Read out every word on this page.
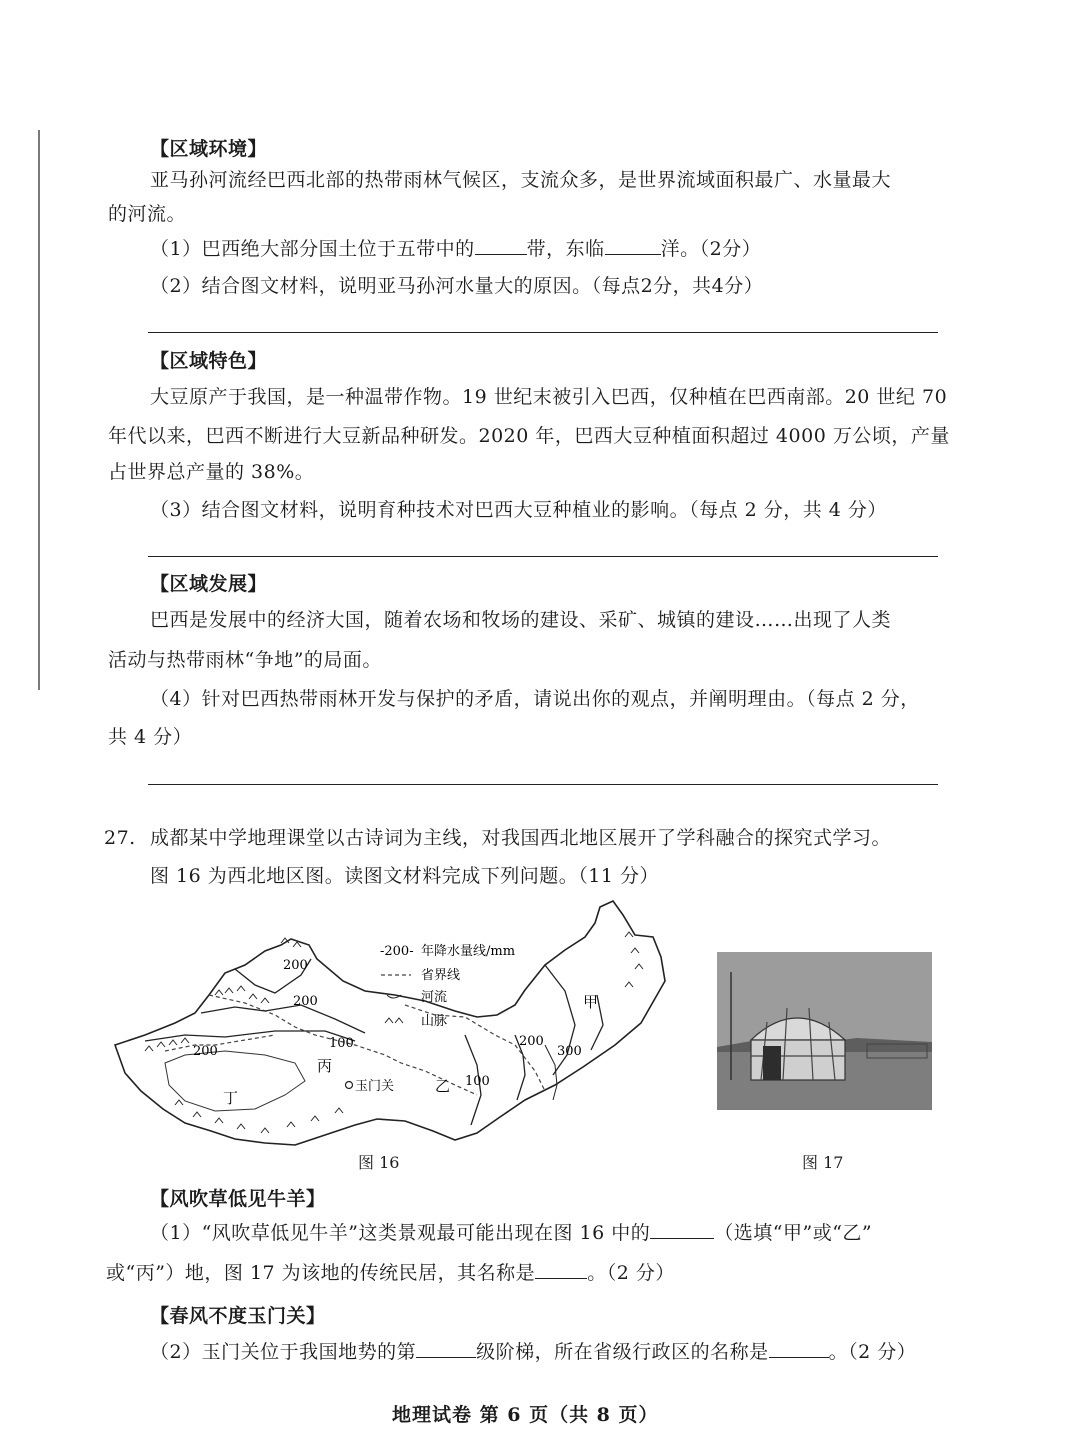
【区域环境】
亚马孙河流经巴西北部的热带雨林气候区，支流众多，是世界流域面积最广、水量最大
的河流。
（1）巴西绝大部分国土位于五带中的	带，东临	洋。（2分）
（2）结合图文材料，说明亚马孙河水量大的原因。（每点2分，共4分）
【区域特色】
大豆原产于我国，是一种温带作物。19 世纪末被引入巴西，仅种植在巴西南部。20 世纪 70
年代以来，巴西不断进行大豆新品种研发。2020 年，巴西大豆种植面积超过 4000 万公顷，产量
占世界总产量的 38%。
（3）结合图文材料，说明育种技术对巴西大豆种植业的影响。（每点 2 分，共 4 分）
【区域发展】
巴西是发展中的经济大国，随着农场和牧场的建设、采矿、城镇的建设……出现了人类
活动与热带雨林“争地”的局面。
（4）针对巴西热带雨林开发与保护的矛盾，请说出你的观点，并阐明理由。（每点 2 分，
共 4 分）
27. 成都某中学地理课堂以古诗词为主线，对我国西北地区展开了学科融合的探究式学习。
图 16 为西北地区图。读图文材料完成下列问题。（11 分）
200
200
200
100
100
200
300
甲
乙
丙
丁
玉门关
-200- 年降水量线/mm
省界线
河流
山脉
图 16	图 17
【风吹草低见牛羊】
（1）“风吹草低见牛羊”这类景观最可能出现在图 16 中的	（选填“甲”或“乙”
或“丙”）地，图 17 为该地的传统民居，其名称是	。（2 分）
【春风不度玉门关】
（2）玉门关位于我国地势的第	级阶梯，所在省级行政区的名称是	。（2 分）
地理试卷 第 6 页（共 8 页）
